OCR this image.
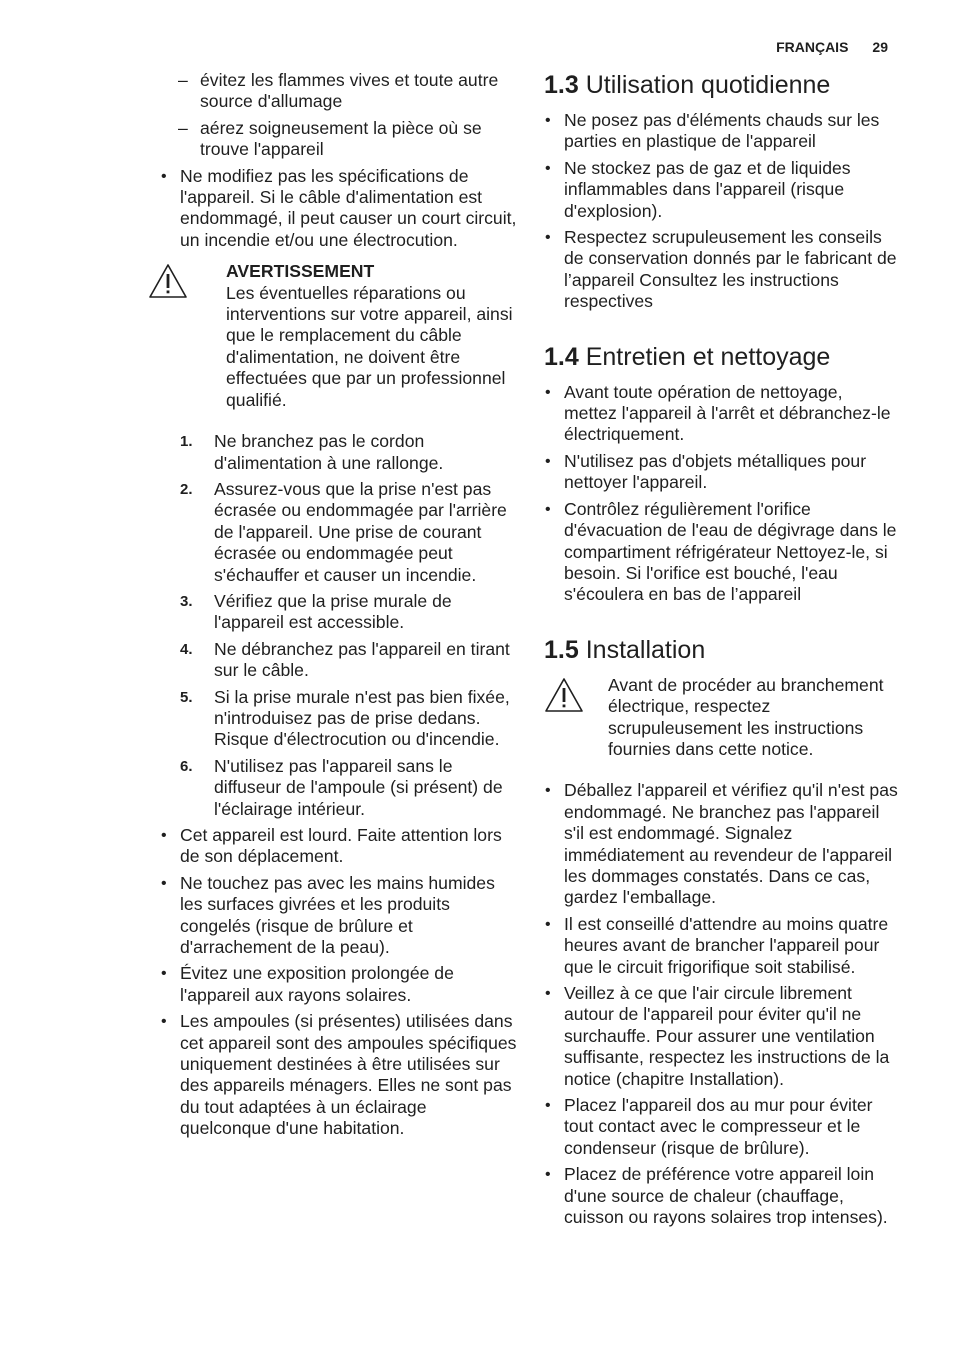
FRANÇAIS 29
– évitez les flammes vives et toute autre source d'allumage
– aérez soigneusement la pièce où se trouve l'appareil
• Ne modifiez pas les spécifications de l'appareil. Si le câble d'alimentation est endommagé, il peut causer un court circuit, un incendie et/ou une électrocution.
AVERTISSEMENT
Les éventuelles réparations ou interventions sur votre appareil, ainsi que le remplacement du câble d'alimentation, ne doivent être effectuées que par un professionnel qualifié.
1. Ne branchez pas le cordon d'alimentation à une rallonge.
2. Assurez-vous que la prise n'est pas écrasée ou endommagée par l'arrière de l'appareil. Une prise de courant écrasée ou endommagée peut s'échauffer et causer un incendie.
3. Vérifiez que la prise murale de l'appareil est accessible.
4. Ne débranchez pas l'appareil en tirant sur le câble.
5. Si la prise murale n'est pas bien fixée, n'introduisez pas de prise dedans. Risque d'électrocution ou d'incendie.
6. N'utilisez pas l'appareil sans le diffuseur de l'ampoule (si présent) de l'éclairage intérieur.
• Cet appareil est lourd. Faite attention lors de son déplacement.
• Ne touchez pas avec les mains humides les surfaces givrées et les produits congelés (risque de brûlure et d'arrachement de la peau).
• Évitez une exposition prolongée de l'appareil aux rayons solaires.
• Les ampoules (si présentes) utilisées dans cet appareil sont des ampoules spécifiques uniquement destinées à être utilisées sur des appareils ménagers. Elles ne sont pas du tout adaptées à un éclairage quelconque d'une habitation.
1.3 Utilisation quotidienne
• Ne posez pas d'éléments chauds sur les parties en plastique de l'appareil
• Ne stockez pas de gaz et de liquides inflammables dans l'appareil (risque d'explosion).
• Respectez scrupuleusement les conseils de conservation donnés par le fabricant de l’appareil Consultez les instructions respectives
1.4 Entretien et nettoyage
• Avant toute opération de nettoyage, mettez l'appareil à l'arrêt et débranchez-le électriquement.
• N'utilisez pas d'objets métalliques pour nettoyer l'appareil.
• Contrôlez régulièrement l'orifice d'évacuation de l'eau de dégivrage dans le compartiment réfrigérateur Nettoyez-le, si besoin. Si l'orifice est bouché, l'eau s'écoulera en bas de l’appareil
1.5 Installation
Avant de procéder au branchement électrique, respectez scrupuleusement les instructions fournies dans cette notice.
• Déballez l'appareil et vérifiez qu'il n'est pas endommagé. Ne branchez pas l'appareil s'il est endommagé. Signalez immédiatement au revendeur de l'appareil les dommages constatés. Dans ce cas, gardez l'emballage.
• Il est conseillé d'attendre au moins quatre heures avant de brancher l'appareil pour que le circuit frigorifique soit stabilisé.
• Veillez à ce que l'air circule librement autour de l'appareil pour éviter qu'il ne surchauffe. Pour assurer une ventilation suffisante, respectez les instructions de la notice (chapitre Installation).
• Placez l'appareil dos au mur pour éviter tout contact avec le compresseur et le condenseur (risque de brûlure).
• Placez de préférence votre appareil loin d'une source de chaleur (chauffage, cuisson ou rayons solaires trop intenses).
